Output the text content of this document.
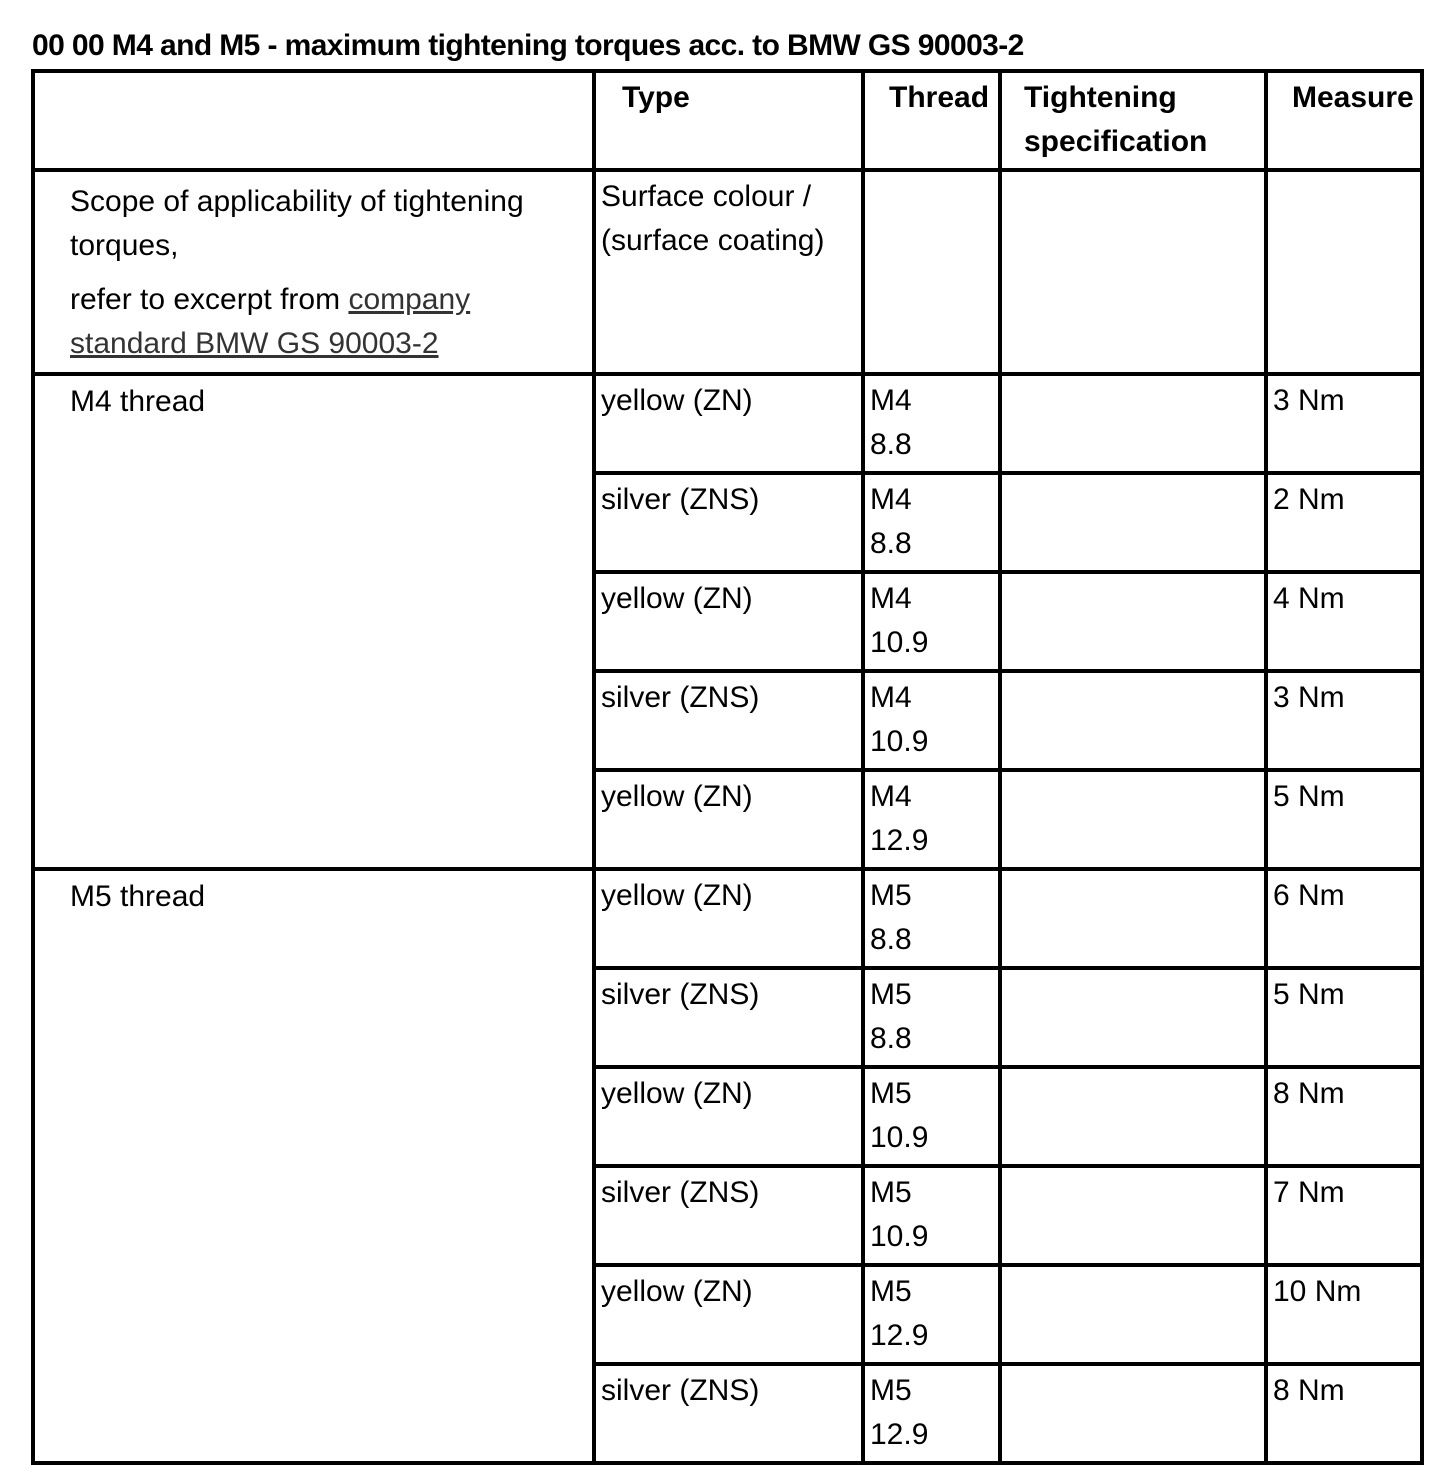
00 00 M4 and M5 - maximum tightening torques acc. to BMW GS 90003-2

	Type	Thread	Tightening specification	Measure

Scope of applicability of tightening torques,
refer to excerpt from company standard BMW GS 90003-2	Surface colour / (surface coating)			

M4 thread	yellow (ZN)	M4 8.8		3 Nm

	silver (ZNS)	M4 8.8		2 Nm

	yellow (ZN)	M4 10.9		4 Nm

	silver (ZNS)	M4 10.9		3 Nm

	yellow (ZN)	M4 12.9		5 Nm

M5 thread	yellow (ZN)	M5 8.8		6 Nm

	silver (ZNS)	M5 8.8		5 Nm

	yellow (ZN)	M5 10.9		8 Nm

	silver (ZNS)	M5 10.9		7 Nm

	yellow (ZN)	M5 12.9		10 Nm

	silver (ZNS)	M5 12.9		8 Nm
